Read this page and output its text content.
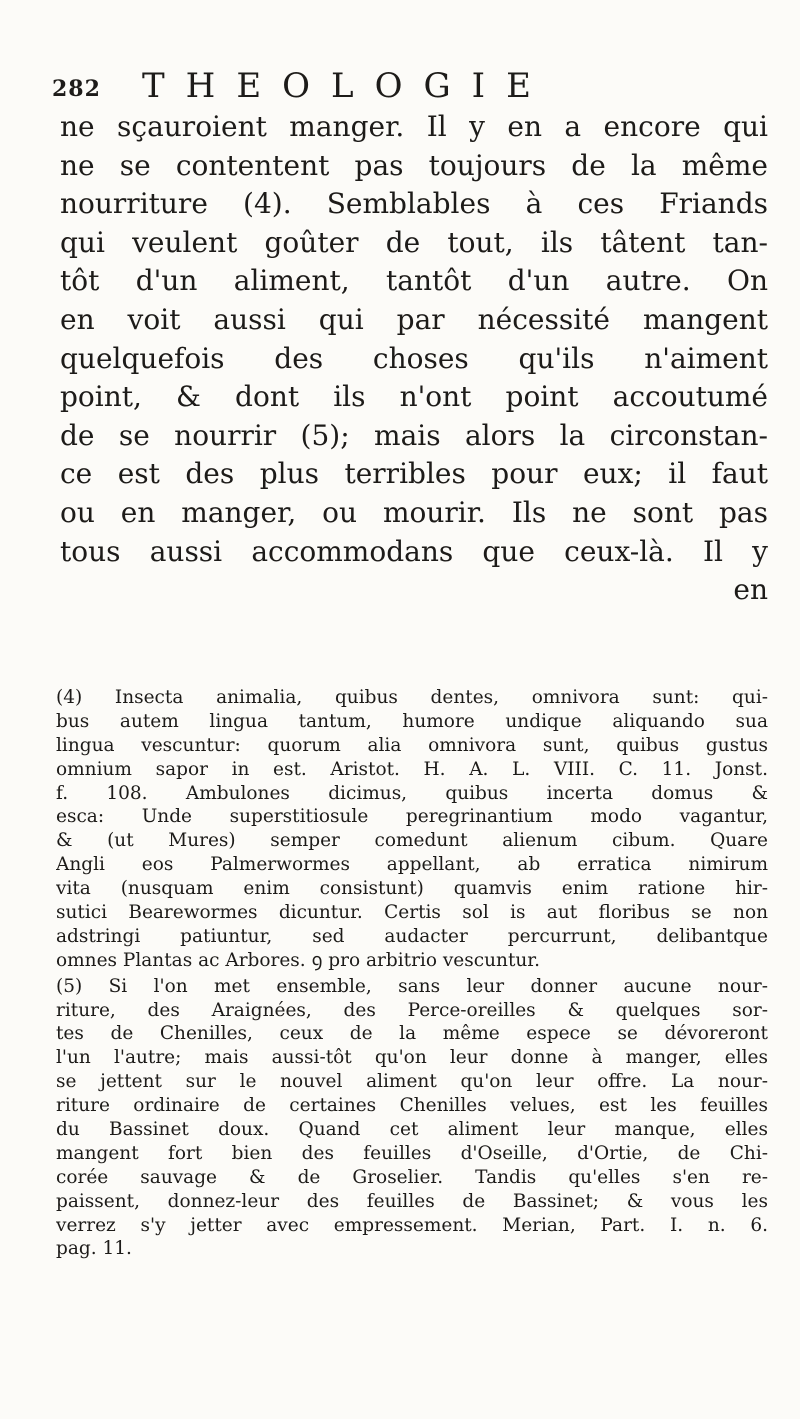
282 THEOLOGIE
ne sçauroient manger. Il y en a encore qui
ne se contentent pas toujours de la même
nourriture (4). Semblables à ces Friands
qui veulent goûter de tout, ils tâtent tan-
tôt d'un aliment, tantôt d'un autre. On
en voit aussi qui par nécessité mangent
quelquefois des choses qu'ils n'aiment
point, & dont ils n'ont point accoutumé
de se nourrir (5); mais alors la circonstan-
ce est des plus terribles pour eux; il faut
ou en manger, ou mourir. Ils ne sont pas
tous aussi accommodans que ceux-là. Il y
en
(4) Insecta animalia, quibus dentes, omnivora sunt: qui-
bus autem lingua tantum, humore undique aliquando sua
lingua vescuntur: quorum alia omnivora sunt, quibus gustus
omnium sapor in est. Aristot. H. A. L. VIII. C. 11. Jonst.
f. 108. Ambulones dicimus, quibus incerta domus &
esca: Unde superstitiosule peregrinantium modo vagantur,
& (ut Mures) semper comedunt alienum cibum. Quare
Angli eos Palmerwormes appellant, ab erratica nimirum
vita (nusquam enim consistunt) quamvis enim ratione hir-
sutici Bearewormes dicuntur. Certis sol is aut floribus se non
adstringi patiuntur, sed audacter percurrunt, delibantque
omnes Plantas ac Arbores. ꝯ pro arbitrio vescuntur.
(5) Si l'on met ensemble, sans leur donner aucune nour-
riture, des Araignées, des Perce-oreilles & quelques sor-
tes de Chenilles, ceux de la même espece se dévoreront
l'un l'autre; mais aussi-tôt qu'on leur donne à manger, elles
se jettent sur le nouvel aliment qu'on leur offre. La nour-
riture ordinaire de certaines Chenilles velues, est les feuilles
du Bassinet doux. Quand cet aliment leur manque, elles
mangent fort bien des feuilles d'Oseille, d'Ortie, de Chi-
corée sauvage & de Groselier. Tandis qu'elles s'en re-
paissent, donnez-leur des feuilles de Bassinet; & vous les
verrez s'y jetter avec empressement. Merian, Part. I. n. 6.
pag. 11.
